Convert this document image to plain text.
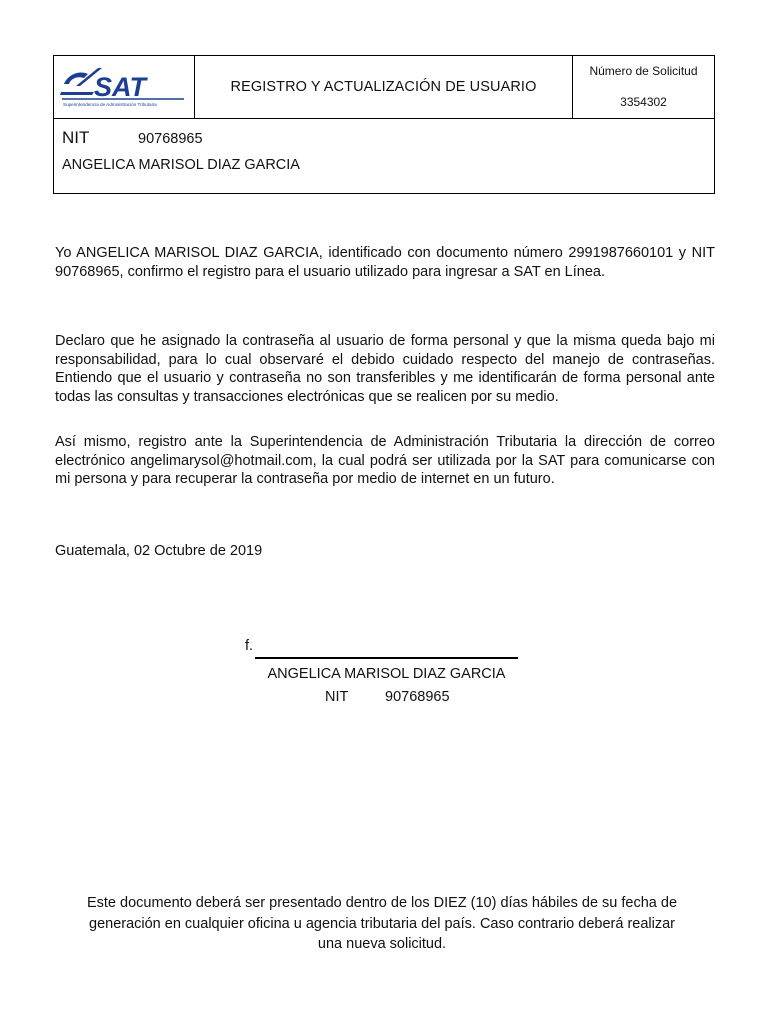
SAT
Superintendencia de Administración Tributaria
REGISTRO Y ACTUALIZACIÓN DE USUARIO
Número de Solicitud
3354302
NIT	90768965
ANGELICA MARISOL DIAZ GARCIA
Yo ANGELICA MARISOL DIAZ GARCIA, identificado con documento número 2991987660101 y NIT 90768965, confirmo el registro para el usuario utilizado para ingresar a SAT en Línea.
Declaro que he asignado la contraseña al usuario de forma personal y que la misma queda bajo mi responsabilidad, para lo cual observaré el debido cuidado respecto del manejo de contraseñas. Entiendo que el usuario y contraseña no son transferibles y me identificarán de forma personal ante todas las consultas y transacciones electrónicas que se realicen por su medio.
Así mismo, registro ante la Superintendencia de Administración Tributaria la dirección de correo electrónico angelimarysol@hotmail.com, la cual podrá ser utilizada por la SAT para comunicarse con mi persona y para recuperar la contraseña por medio de internet en un futuro.
Guatemala, 02 Octubre de 2019
f.
ANGELICA MARISOL DIAZ GARCIA
NIT	90768965
Este documento deberá ser presentado dentro de los DIEZ (10) días hábiles de su fecha de generación en cualquier oficina u agencia tributaria del país. Caso contrario deberá realizar una nueva solicitud.
